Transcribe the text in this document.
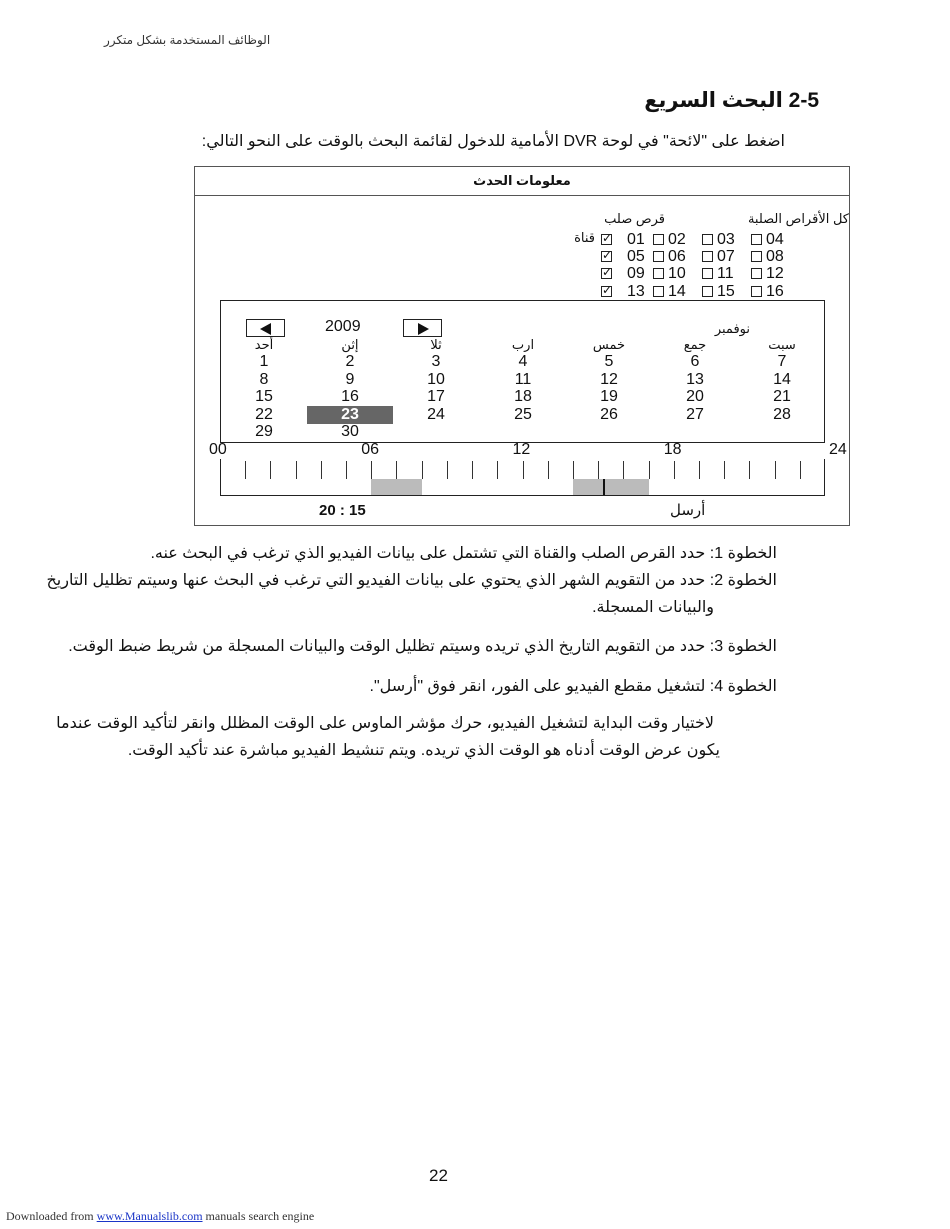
الوظائف المستخدمة بشكل متكرر
2-5 البحث السريع
اضغط على "لائحة" في لوحة DVR الأمامية للدخول لقائمة البحث بالوقت على النحو التالي:
معلومات الحدث
قرص صلب	كل الأقراص الصلبة
قناة
✓ 01 02 03 04
✓
05 06 07 08
✓
09 10 11 12
✓
13 14 15 16
2009	نوفمبر
سبت
جمع
خمس
ارب
ثلا
إثن
أحد
1	2	3	4	5	6	7
8	9	10	11	12	13	14
15	16	17	18	19	20	21
22	23	24	25	26	27	28
29	30
00	06	12	18	24
20 : 15	أرسل
الخطوة 1: حدد القرص الصلب والقناة التي تشتمل على بيانات الفيديو الذي ترغب في البحث عنه.
الخطوة 2: حدد من التقويم الشهر الذي يحتوي على بيانات الفيديو التي ترغب في البحث عنها وسيتم تظليل التاريخ
والبيانات المسجلة.
الخطوة 3: حدد من التقويم التاريخ الذي تريده وسيتم تظليل الوقت والبيانات المسجلة من شريط ضبط الوقت.
الخطوة 4: لتشغيل مقطع الفيديو على الفور، انقر فوق "أرسل".
لاختيار وقت البداية لتشغيل الفيديو، حرك مؤشر الماوس على الوقت المظلل وانقر لتأكيد الوقت عندما
يكون عرض الوقت أدناه هو الوقت الذي تريده. ويتم تنشيط الفيديو مباشرة عند تأكيد الوقت.
22
Downloaded from www.Manualslib.com manuals search engine
